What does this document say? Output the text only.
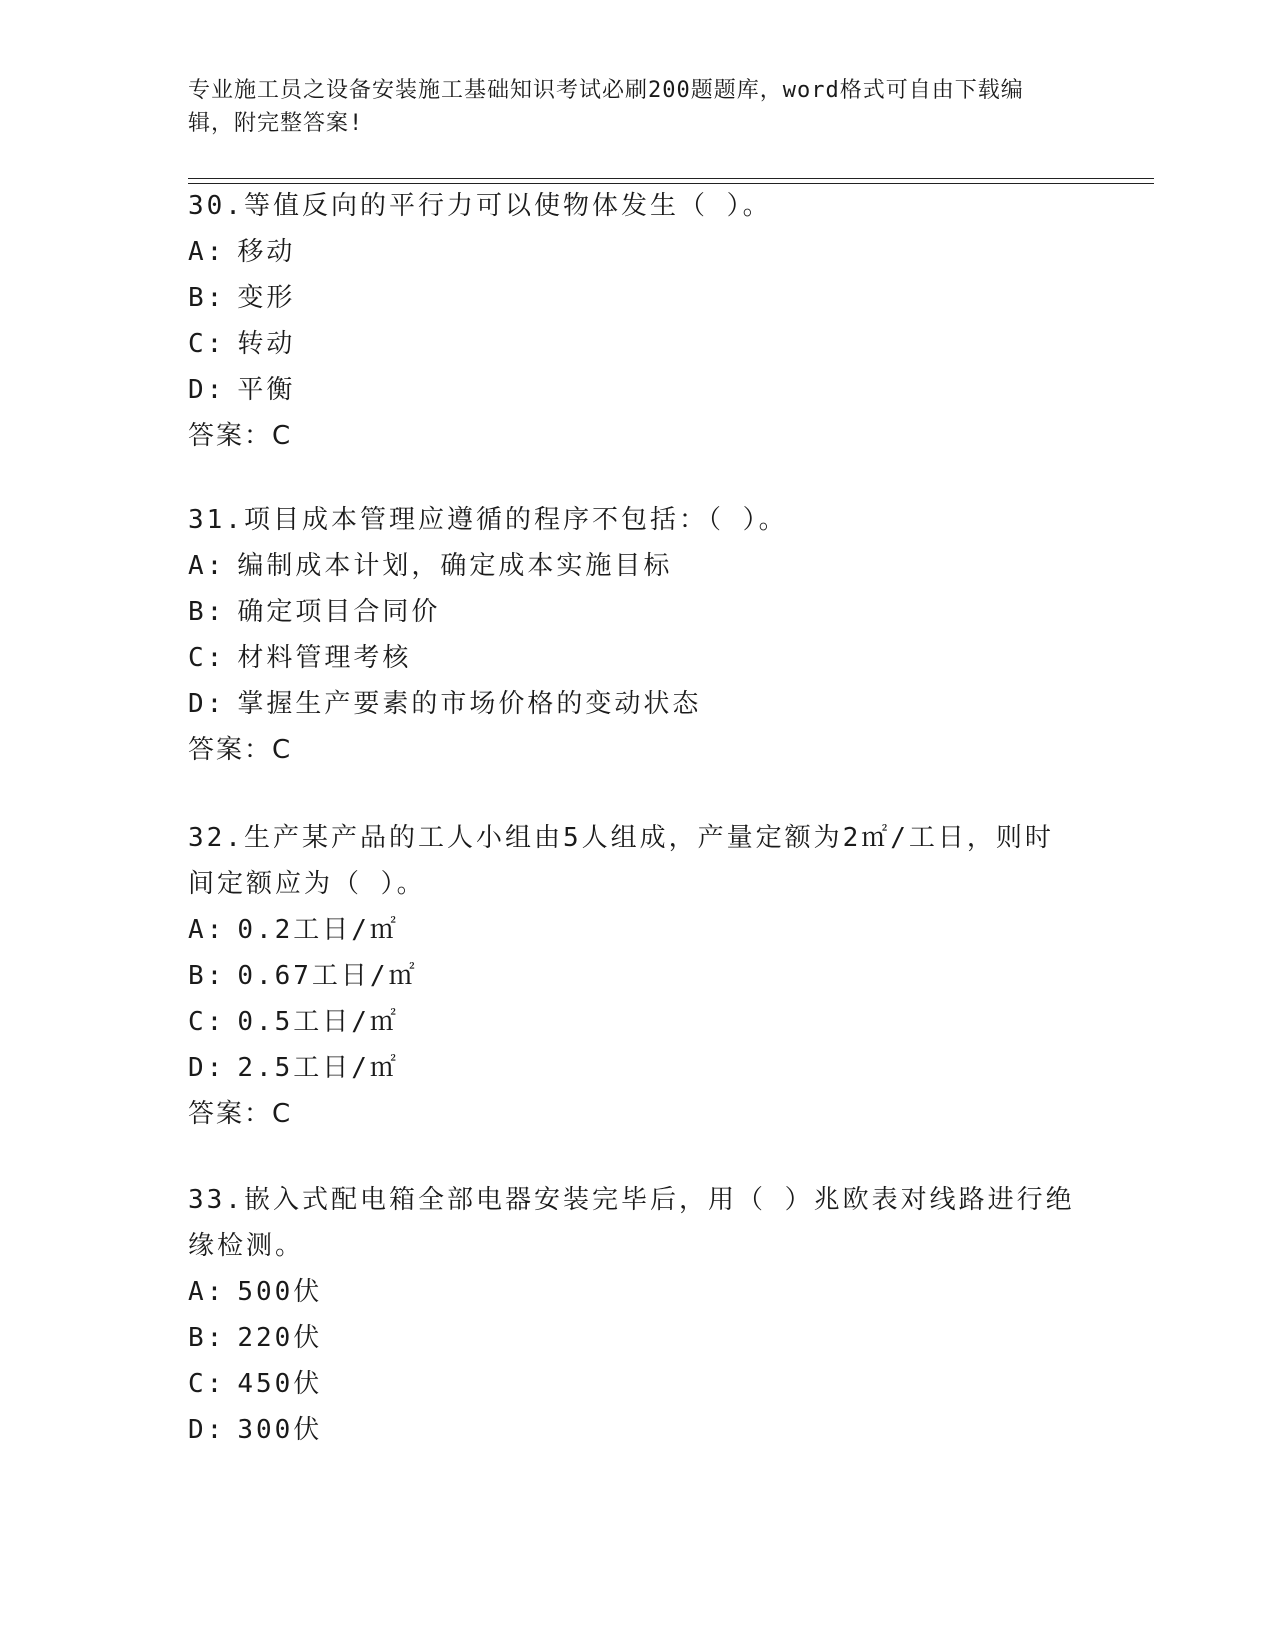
专业施工员之设备安装施工基础知识考试必刷200题题库，word格式可自由下载编辑，附完整答案!
30.等值反向的平行力可以使物体发生（ ）。
A: 移动
B: 变形
C: 转动
D: 平衡
答案：C
31.项目成本管理应遵循的程序不包括：（ ）。
A: 编制成本计划，确定成本实施目标
B: 确定项目合同价
C: 材料管理考核
D: 掌握生产要素的市场价格的变动状态
答案：C
32.生产某产品的工人小组由5人组成，产量定额为2㎡/工日，则时间定额应为（ ）。
A: 0.2工日/㎡
B: 0.67工日/㎡
C: 0.5工日/㎡
D: 2.5工日/㎡
答案：C
33.嵌入式配电箱全部电器安装完毕后，用（ ）兆欧表对线路进行绝缘检测。
A: 500伏
B: 220伏
C: 450伏
D: 300伏
